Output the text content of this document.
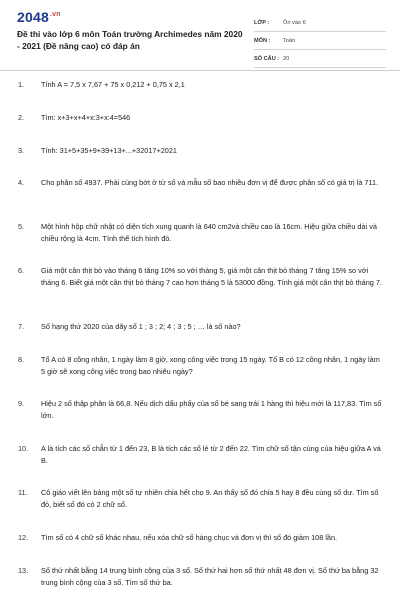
$2048^{.vn}$
Đề thi vào lớp 6 môn Toán trường Archimedes năm 2020 - 2021 (Đề nâng cao) có đáp án
LỚP :	Ôn vào 6
MÔN :	Toán
SỐ CÂU : 20
1.	Tính A = 7,5 x 7,67 + 75 x 0,212 + 0,75 x 2,1
2.	Tìm: x+3+x+4+x:3+x:4=546
3.	Tính: 31+5+35+9+39+13+...+32017+2021
4.	Cho phân số 4937. Phải cùng bớt ở tử số và mẫu số bao nhiêu đơn vị để được phân số có giá trị là 711.
5.	Một hình hộp chữ nhật có diện tích xung quanh là 640 cm2và chiều cao là 16cm. Hiệu giữa chiều dài và chiều rộng là 4cm. Tính thể tích hình đó.
6.	Giá một cân thịt bò vào tháng 6 tăng 10% so với tháng 5, giá một cân thịt bò tháng 7 tăng 15% so với tháng 6. Biết giá một cân thịt bò tháng 7 cao hơn tháng 5 là 53000 đồng. Tính giá một cân thịt bò tháng 7.
7.	Số hạng thứ 2020 của dãy số 1 ; 3 ; 2; 4 ; 3 ; 5 ; … là số nào?
8.	Tổ A có 8 công nhân, 1 ngày làm 8 giờ, xong công việc trong 15 ngày. Tổ B có 12 công nhân, 1 ngày làm 5 giờ sẽ xong công việc trong bao nhiêu ngày?
9.	Hiệu 2 số thập phân là 66,8. Nếu dịch dấu phẩy của số bé sang trái 1 hàng thì hiệu mới là 117,83. Tìm số lớn.
10.	A là tích các số chẵn từ 1 đến 23, B là tích các số lẻ từ 2 đến 22. Tìm chữ số tận cùng của hiệu giữa A và B.
11.	Cô giáo viết lên bảng một số tự nhiên chia hết cho 9. An thấy số đó chia 5 hay 8 đều cùng số dư. Tìm số đó, biết số đó có 2 chữ số.
12.	Tìm số có 4 chữ số khác nhau, nếu xóa chữ số hàng chục và đơn vị thì số đó giảm 108 lần.
13.	Số thứ nhất bằng 14 trung bình cộng của 3 số. Số thứ hai hơn số thứ nhất 48 đơn vị. Số thứ ba bằng 32 trung bình cộng của 3 số. Tìm số thứ ba.
